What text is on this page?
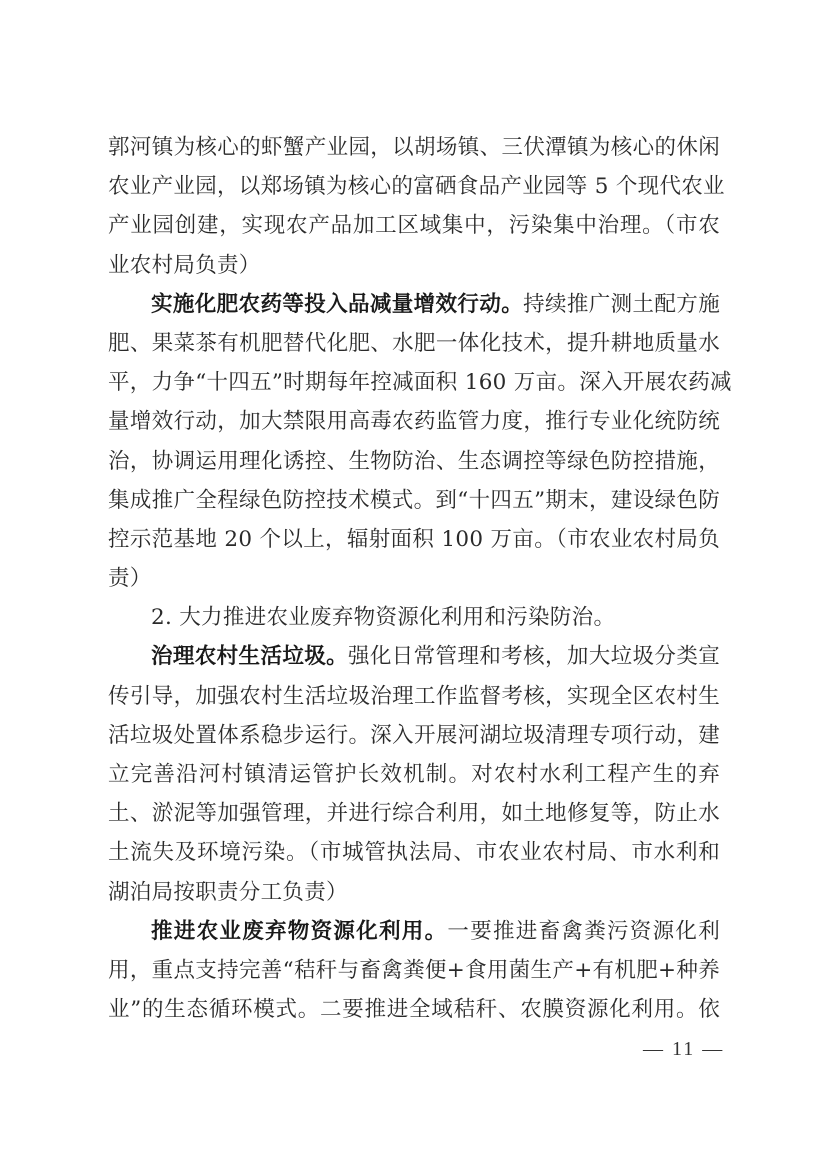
郭河镇为核心的虾蟹产业园，以胡场镇、三伏潭镇为核心的休闲
农业产业园，以郑场镇为核心的富硒食品产业园等 5 个现代农业
产业园创建，实现农产品加工区域集中，污染集中治理。（市农
业农村局负责）
实施化肥农药等投入品减量增效行动。持续推广测土配方施
肥、果菜茶有机肥替代化肥、水肥一体化技术，提升耕地质量水
平，力争“十四五”时期每年控减面积 160 万亩。深入开展农药减
量增效行动，加大禁限用高毒农药监管力度，推行专业化统防统
治，协调运用理化诱控、生物防治、生态调控等绿色防控措施，
集成推广全程绿色防控技术模式。到“十四五”期末，建设绿色防
控示范基地 20 个以上，辐射面积 100 万亩。（市农业农村局负
责）
2. 大力推进农业废弃物资源化利用和污染防治。
治理农村生活垃圾。强化日常管理和考核，加大垃圾分类宣
传引导，加强农村生活垃圾治理工作监督考核，实现全区农村生
活垃圾处置体系稳步运行。深入开展河湖垃圾清理专项行动，建
立完善沿河村镇清运管护长效机制。对农村水利工程产生的弃
土、淤泥等加强管理，并进行综合利用，如土地修复等，防止水
土流失及环境污染。（市城管执法局、市农业农村局、市水利和
湖泊局按职责分工负责）
推进农业废弃物资源化利用。一要推进畜禽粪污资源化利
用，重点支持完善“秸秆与畜禽粪便+食用菌生产+有机肥+种养
业”的生态循环模式。二要推进全域秸秆、农膜资源化利用。依
— 11 —
